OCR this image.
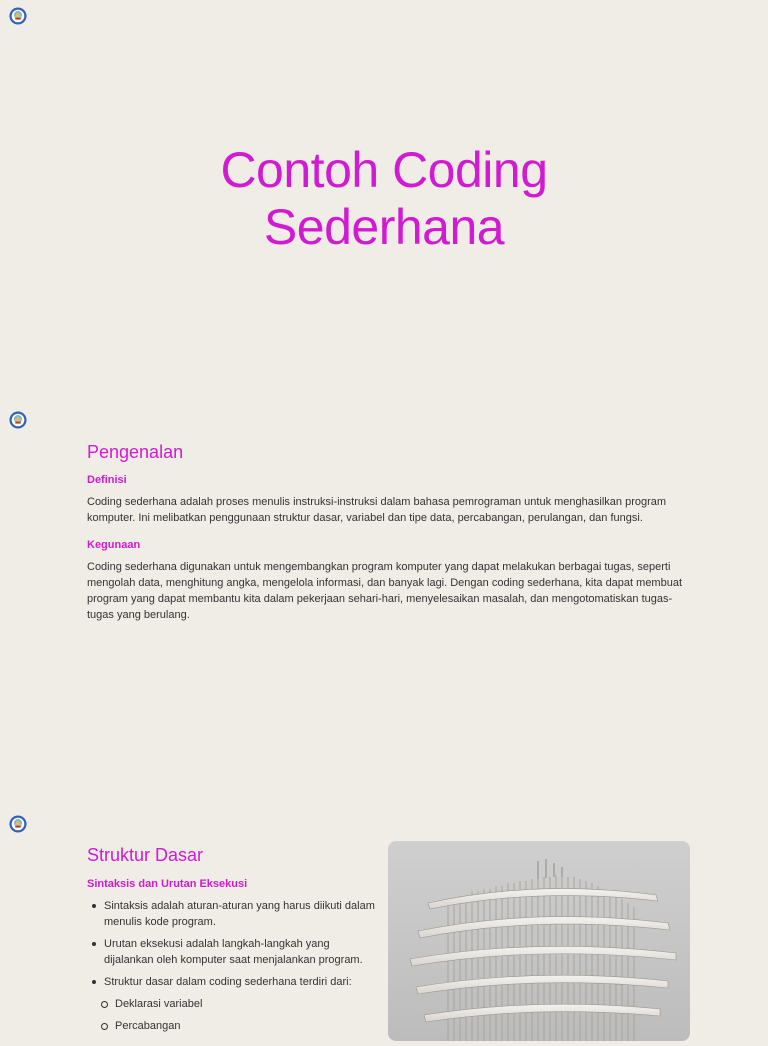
Contoh Coding
Sederhana
Pengenalan
Definisi

Coding sederhana adalah proses menulis instruksi-instruksi dalam bahasa pemrograman untuk menghasilkan program komputer. Ini melibatkan penggunaan struktur dasar, variabel dan tipe data, percabangan, perulangan, dan fungsi.

Kegunaan

Coding sederhana digunakan untuk mengembangkan program komputer yang dapat melakukan berbagai tugas, seperti mengolah data, menghitung angka, mengelola informasi, dan banyak lagi. Dengan coding sederhana, kita dapat membuat program yang dapat membantu kita dalam pekerjaan sehari-hari, menyelesaikan masalah, dan mengotomatiskan tugas-tugas yang berulang.

Struktur Dasar
Sintaksis dan Urutan Eksekusi
Sintaksis adalah aturan-aturan yang harus diikuti dalam menulis kode program.
Urutan eksekusi adalah langkah-langkah yang dijalankan oleh komputer saat menjalankan program.
Struktur dasar dalam coding sederhana terdiri dari:
Deklarasi variabel
Percabangan
